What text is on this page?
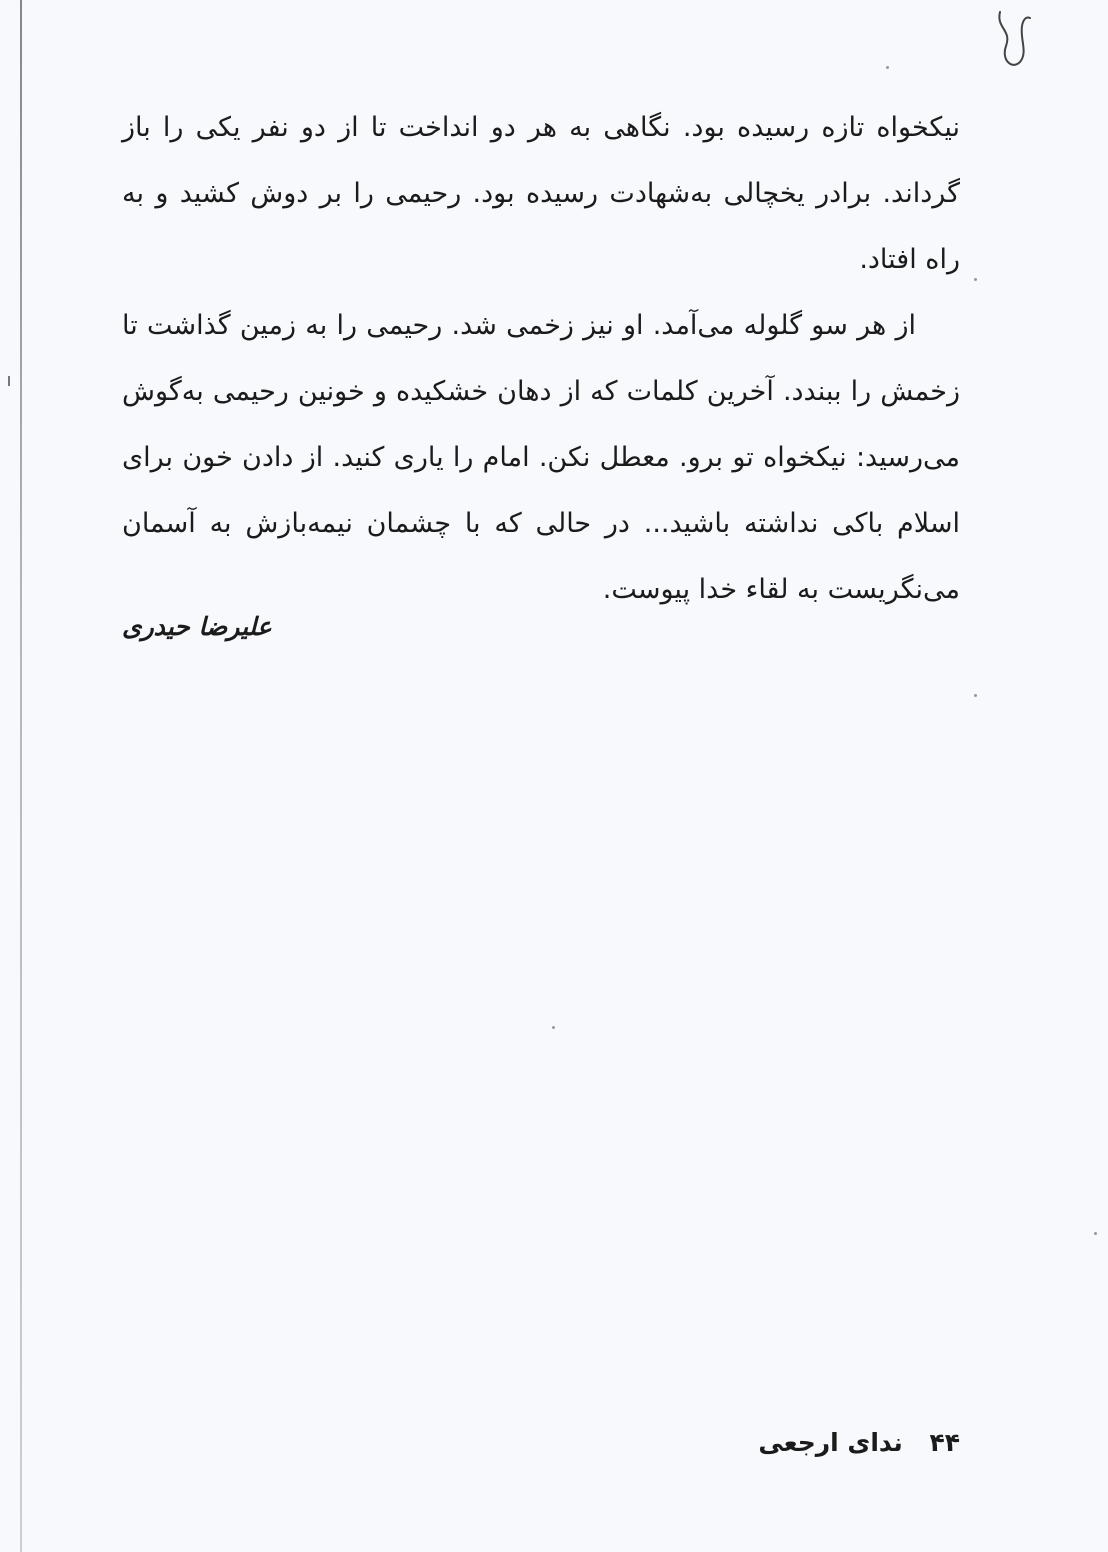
نیکخواه تازه رسیده بود. نگاهی به هر دو انداخت تا از دو نفر یکی را باز گرداند. برادر یخچالی به‌شهادت رسیده بود. رحیمی را بر دوش کشید و به راه افتاد.

از هر سو گلوله می‌آمد. او نیز زخمی شد. رحیمی را به زمین گذاشت تا زخمش را ببندد. آخرین کلمات که از دهان خشکیده و خونین رحیمی به‌گوش می‌رسید: نیکخواه تو برو. معطل نکن. امام را یاری کنید. از دادن خون برای اسلام باکی نداشته باشید... در حالی که با چشمان نیمه‌بازش به آسمان می‌نگریست به لقاء خدا پیوست.

علیرضا حیدری
۴۴ ندای ارجعی
